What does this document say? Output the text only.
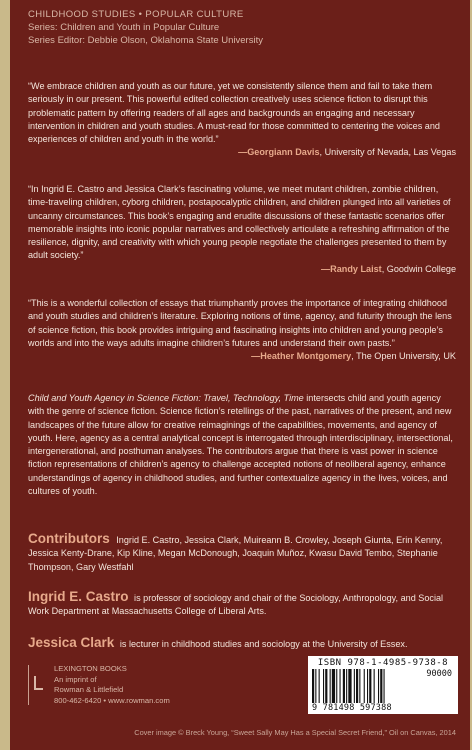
CHILDHOOD STUDIES • POPULAR CULTURE
Series: Children and Youth in Popular Culture
Series Editor: Debbie Olson, Oklahoma State University

“We embrace children and youth as our future, yet we consistently silence them and fail to take them seriously in our present. This powerful edited collection creatively uses science fiction to disrupt this problematic pattern by offering readers of all ages and backgrounds an engaging and necessary intervention in children and youth studies. A must-read for those committed to centering the voices and experiences of children and youth in the world.”

—Georgiann Davis, University of Nevada, Las Vegas

“In Ingrid E. Castro and Jessica Clark’s fascinating volume, we meet mutant children, zombie children, time-traveling children, cyborg children, postapocalyptic children, and children plunged into all varieties of uncanny circumstances. This book’s engaging and erudite discussions of these fantastic scenarios offer memorable insights into iconic popular narratives and collectively articulate a refreshing affirmation of the resilience, dignity, and creativity with which young people negotiate the challenges presented to them by adult society.”

—Randy Laist, Goodwin College

“This is a wonderful collection of essays that triumphantly proves the importance of integrating childhood and youth studies and children’s literature. Exploring notions of time, agency, and futurity through the lens of science fiction, this book provides intriguing and fascinating insights into children and young people’s worlds and into the ways adults imagine children’s futures and understand their own pasts.”

—Heather Montgomery, The Open University, UK

Child and Youth Agency in Science Fiction: Travel, Technology, Time intersects child and youth agency with the genre of science fiction. Science fiction’s retellings of the past, narratives of the present, and new landscapes of the future allow for creative reimaginings of the capabilities, movements, and agency of youth. Here, agency as a central analytical concept is interrogated through interdisciplinary, intersectional, intergenerational, and posthuman analyses. The contributors argue that there is vast power in science fiction representations of children’s agency to challenge accepted notions of neoliberal agency, enhance understandings of agency in childhood studies, and further contextualize agency in the lives, voices, and cultures of youth.

Contributors Ingrid E. Castro, Jessica Clark, Muireann B. Crowley, Joseph Giunta, Erin Kenny, Jessica Kenty-Drane, Kip Kline, Megan McDonough, Joaquin Muñoz, Kwasu David Tembo, Stephanie Thompson, Gary Westfahl
Ingrid E. Castro is professor of sociology and chair of the Sociology, Anthropology, and Social Work Department at Massachusetts College of Liberal Arts.
Jessica Clark is lecturer in childhood studies and sociology at the University of Essex.
LEXINGTON BOOKS
An imprint of
Rowman & Littlefield
800-462-6420 • www.rowman.com
ISBN 978-1-4985-9738-8
90000
9 781498 597388
Cover image © Breck Young, “Sweet Sally May Has a Special Secret Friend,” Oil on Canvas, 2014
